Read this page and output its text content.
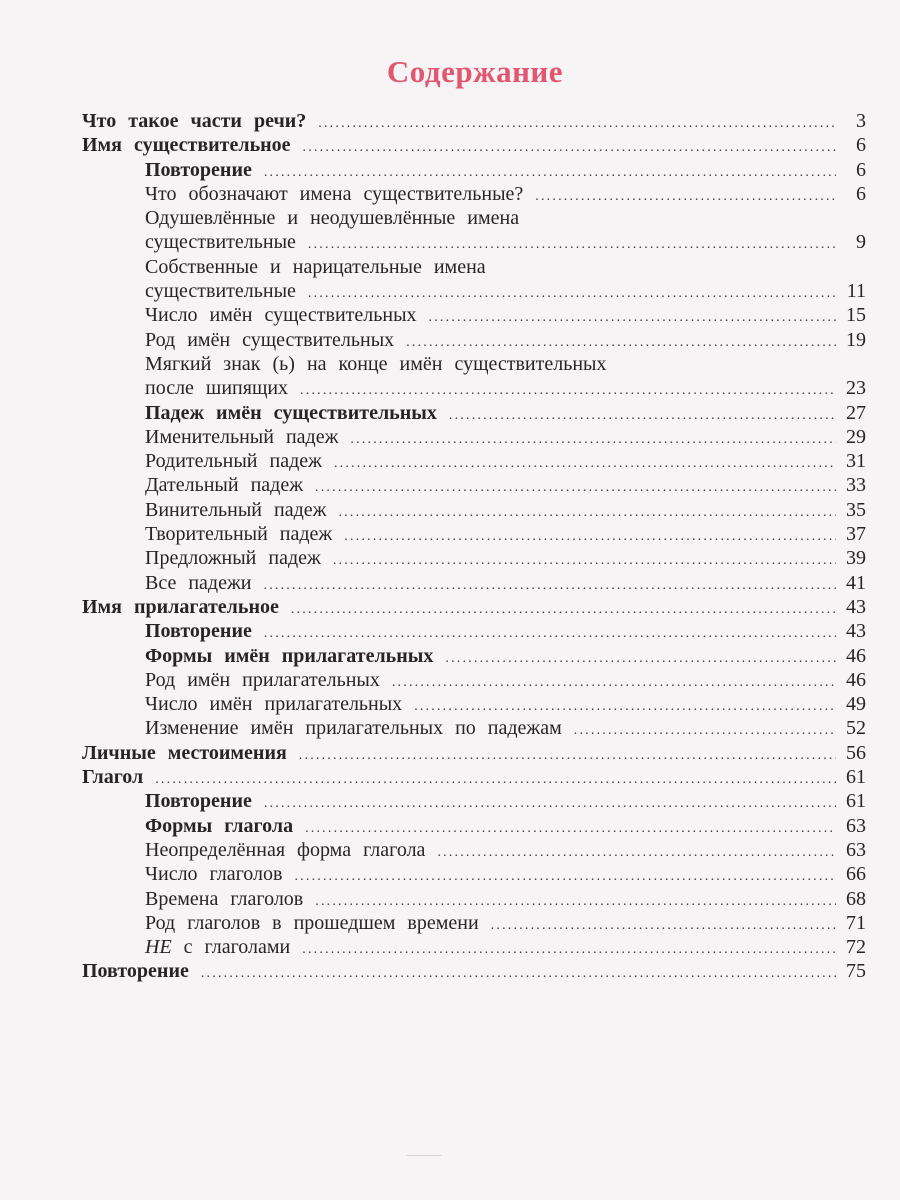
Содержание
Что такое части речи? .....	3
Имя существительное .....	6
Повторение .....	6
Что обозначают имена существительные? .....	6
Одушевлённые и неодушевлённые имена
существительные .....	9
Собственные и нарицательные имена
существительные .....	11
Число имён существительных .....	15
Род имён существительных .....	19
Мягкий знак (ь) на конце имён существительных
после шипящих .....	23
Падеж имён существительных .....	27
Именительный падеж .....	29
Родительный падеж .....	31
Дательный падеж .....	33
Винительный падеж .....	35
Творительный падеж .....	37
Предложный падеж .....	39
Все падежи .....	41
Имя прилагательное .....	43
Повторение .....	43
Формы имён прилагательных .....	46
Род имён прилагательных .....	46
Число имён прилагательных .....	49
Изменение имён прилагательных по падежам .....	52
Личные местоимения .....	56
Глагол .....	61
Повторение .....	61
Формы глагола .....	63
Неопределённая форма глагола .....	63
Число глаголов .....	66
Времена глаголов .....	68
Род глаголов в прошедшем времени .....	71
НЕ с глаголами .....	72
Повторение .....	75
